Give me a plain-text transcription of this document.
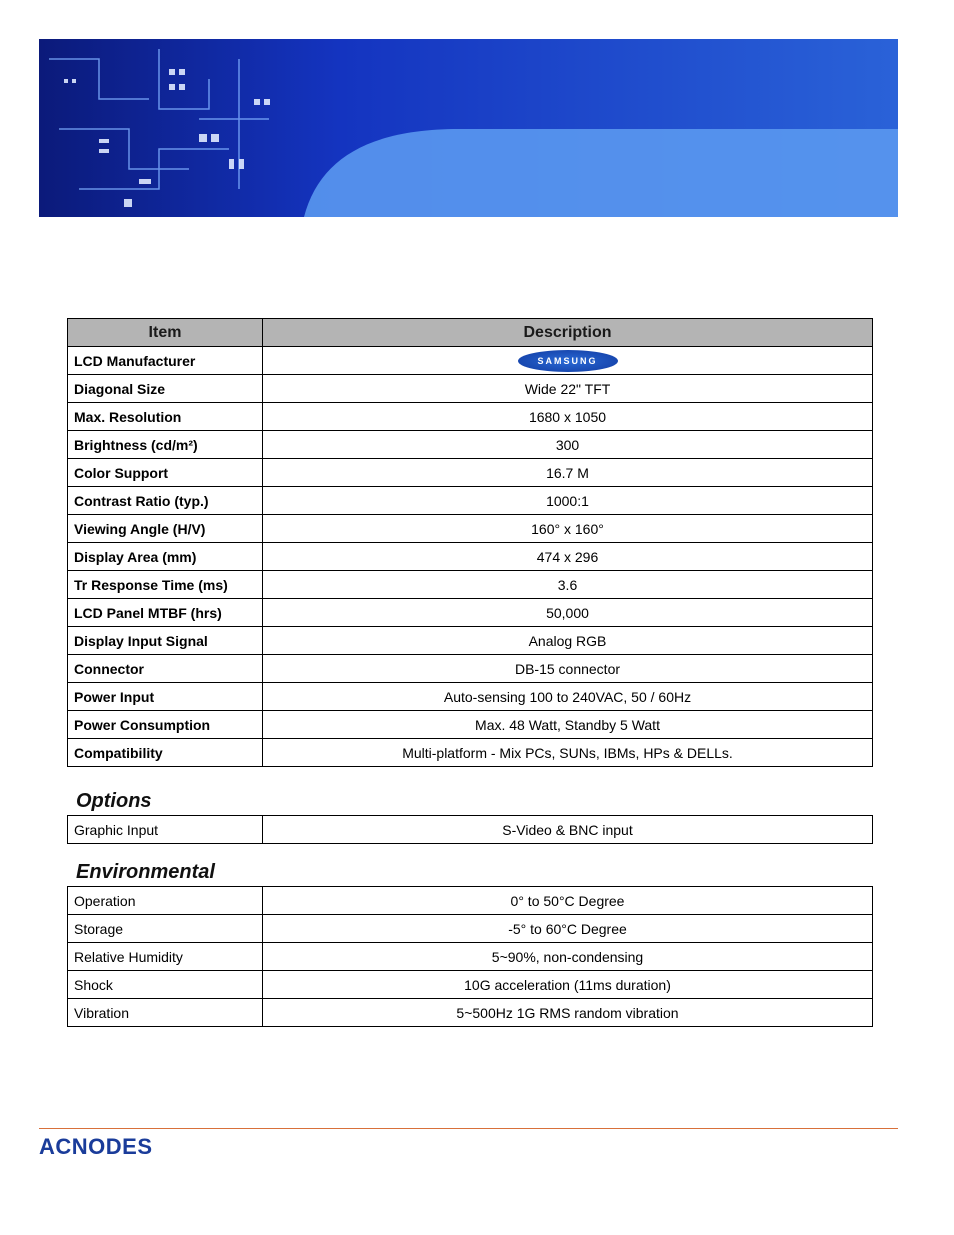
Item	Description
LCD Manufacturer	SAMSUNG
Diagonal Size	Wide 22" TFT
Max. Resolution	1680 x 1050
Brightness (cd/m²)	300
Color Support	16.7 M
Contrast Ratio (typ.)	1000:1
Viewing Angle (H/V)	160° x 160°
Display Area (mm)	474 x 296
Tr Response Time (ms)	3.6
LCD Panel MTBF (hrs)	50,000
Display Input Signal	Analog RGB
Connector	DB-15 connector
Power Input	Auto-sensing 100 to 240VAC, 50 / 60Hz
Power Consumption	Max. 48 Watt, Standby 5 Watt
Compatibility	Multi-platform - Mix PCs, SUNs, IBMs, HPs & DELLs.
Options
Graphic Input	S-Video & BNC input
Environmental
Operation	0° to 50°C Degree
Storage	-5° to 60°C Degree
Relative Humidity	5~90%, non-condensing
Shock	10G acceleration (11ms duration)
Vibration	5~500Hz 1G RMS random vibration
ACNODES
